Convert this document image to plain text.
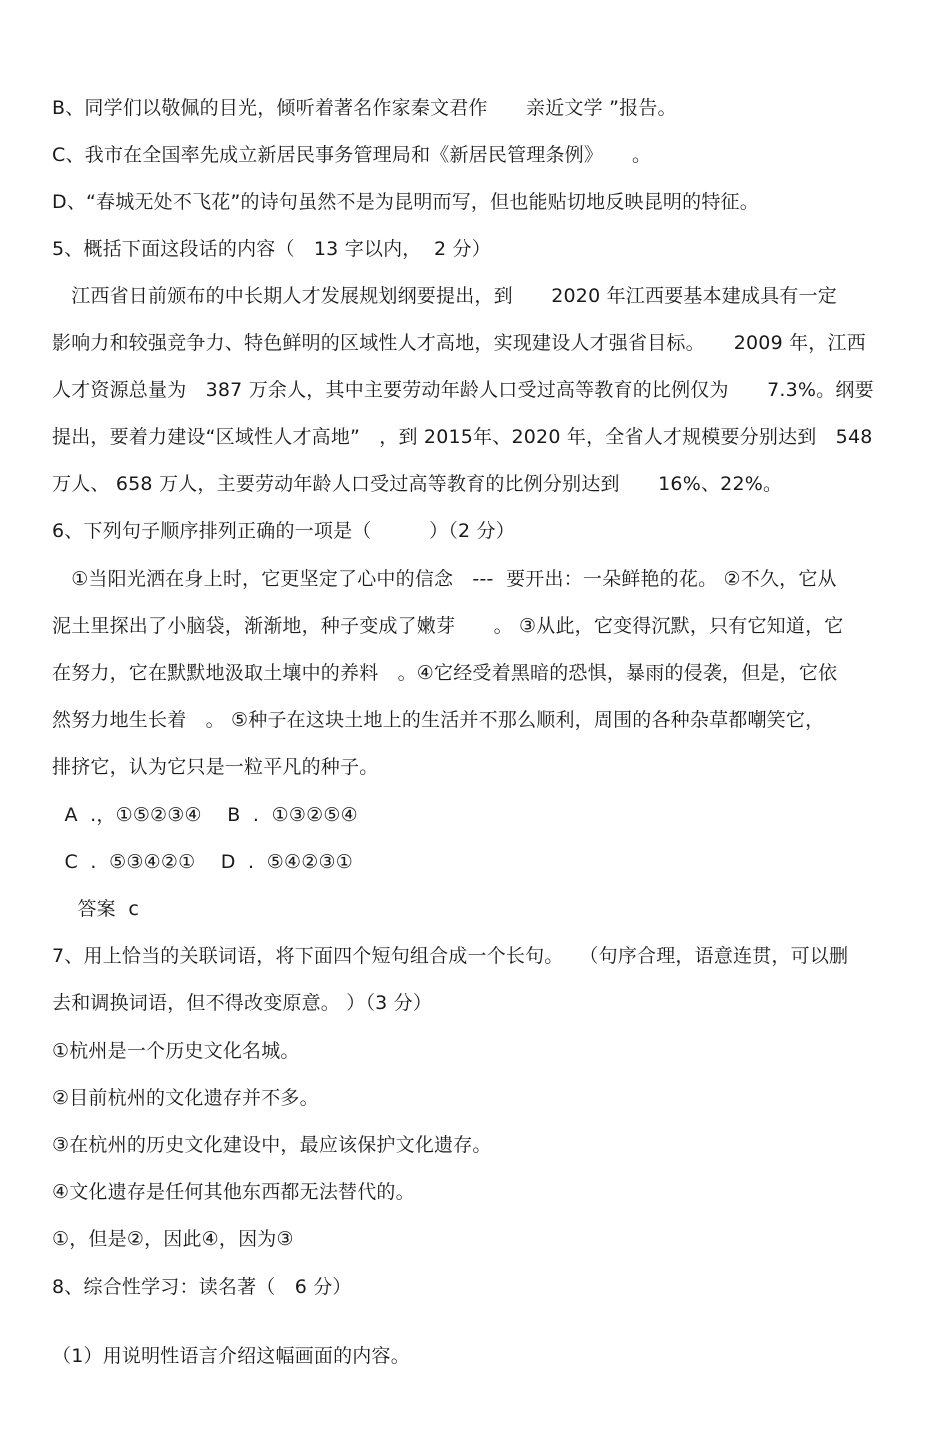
B、同学们以敬佩的目光，倾听着著名作家秦文君作　　亲近文学 ”报告。
C、我市在全国率先成立新居民事务管理局和《新居民管理条例》　　。
D、“春城无处不飞花”的诗句虽然不是为昆明而写，但也能贴切地反映昆明的特征。
5、概括下面这段话的内容（　13 字以内，  2 分）
　江西省日前颁布的中长期人才发展规划纲要提出，到　　2020 年江西要基本建成具有一定
影响力和较强竞争力、特色鲜明的区域性人才高地，实现建设人才强省目标。　　2009 年，江西
人才资源总量为　387 万余人，其中主要劳动年龄人口受过高等教育的比例仅为　　7.3%。纲要
提出，要着力建设“区域性人才高地”　，到 2015年、2020 年，全省人才规模要分别达到　548
万人、 658 万人，主要劳动年龄人口受过高等教育的比例分别达到　　16%、22%。
6、下列句子顺序排列正确的一项是（　　　）（2 分）
　①当阳光洒在身上时，它更坚定了心中的信念　---  要开出：一朵鲜艳的花。 ②不久，它从
泥土里探出了小脑袋，渐渐地，种子变成了嫩芽　　。 ③从此，它变得沉默，只有它知道，它
在努力，它在默默地汲取土壤中的养料　。④它经受着黑暗的恐惧，暴雨的侵袭，但是，它依
然努力地生长着　。 ⑤种子在这块土地上的生活并不那么顺利，周围的各种杂草都嘲笑它，
排挤它，认为它只是一粒平凡的种子。
A  .，①⑤②③④　 B  .  ①③②⑤④
C  .  ⑤③④②①　 D  .  ⑤④②③①
　 答案  c
7、用上恰当的关联词语，将下面四个短句组合成一个长句。　 （句序合理，语意连贯，可以删
去和调换词语，但不得改变原意。 ）（3 分）
①杭州是一个历史文化名城。
②目前杭州的文化遗存并不多。
③在杭州的历史文化建设中，最应该保护文化遗存。
④文化遗存是任何其他东西都无法替代的。
①，但是②，因此④，因为③
8、综合性学习：读名著（　6 分）
（1）用说明性语言介绍这幅画面的内容。
